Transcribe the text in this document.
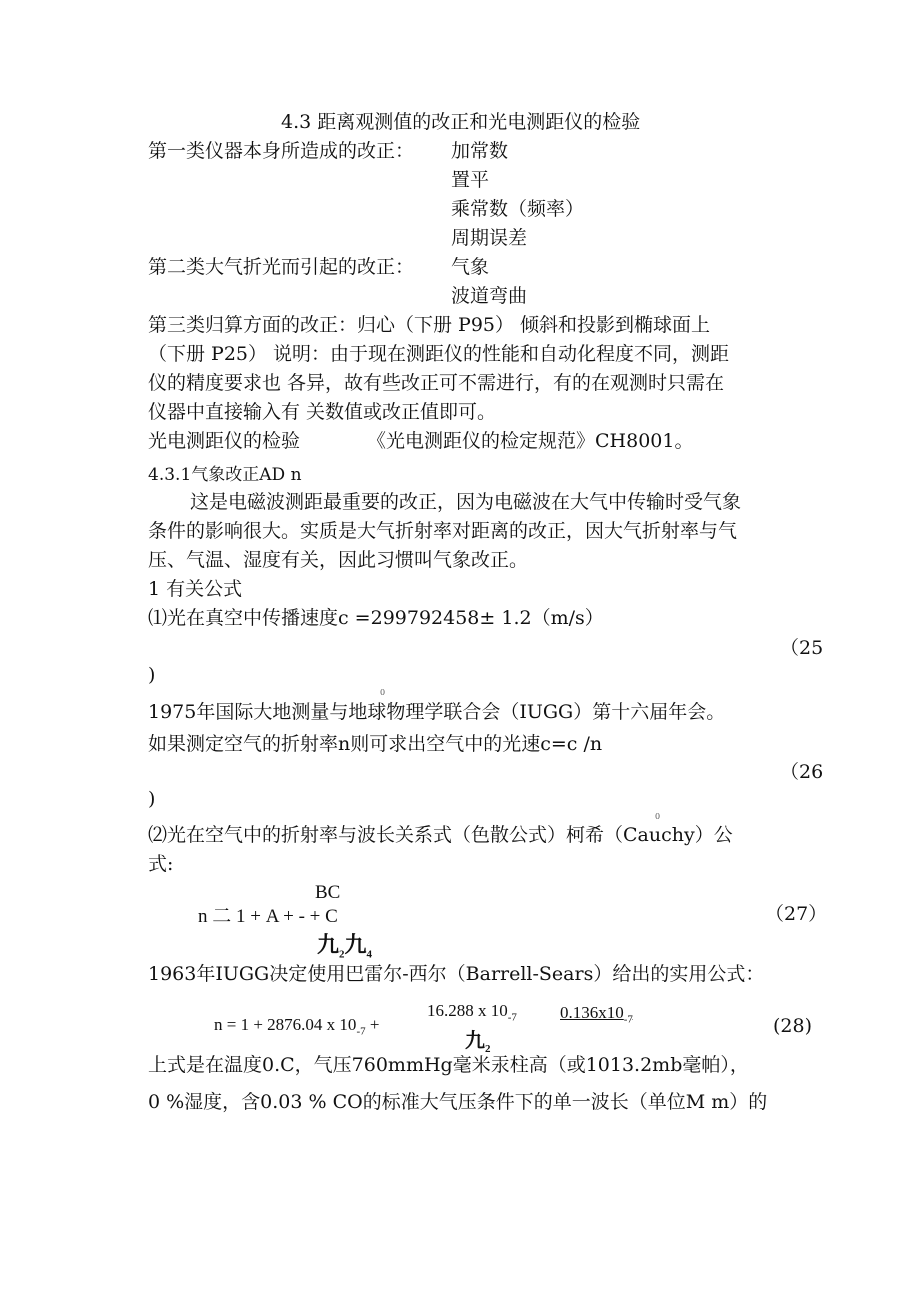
4.3 距离观测值的改正和光电测距仪的检验
第一类仪器本身所造成的改正： 加常数
置平
乘常数（频率）
周期误差
第二类大气折光而引起的改正： 气象
波道弯曲
第三类归算方面的改正：归心（下册 P95） 倾斜和投影到椭球面上
（下册 P25） 说明：由于现在测距仪的性能和自动化程度不同，测距
仪的精度要求也 各异，故有些改正可不需进行，有的在观测时只需在
仪器中直接输入有 关数值或改正值即可。
光电测距仪的检验	《光电测距仪的检定规范》CH8001。
4.3.1气象改正AD n
这是电磁波测距最重要的改正，因为电磁波在大气中传输时受气象
条件的影响很大。实质是大气折射率对距离的改正，因大气折射率与气
压、气温、湿度有关，因此习惯叫气象改正。
1 有关公式
⑴光在真空中传播速度c =299792458± 1.2（m/s）
（25
)
0
1975年国际大地测量与地球物理学联合会（IUGG）第十六届年会。
如果测定空气的折射率n则可求出空气中的光速c=c /n
（26
)
0
⑵光在空气中的折射率与波长关系式（色散公式）柯希（Cauchy）公
式:
BC
n 二 1 + A + - + C
九$_2$九$_4$
（27）
1963年IUGG决定使用巴雷尔-西尔（Barrell-Sears）给出的实用公式：
16.288 x $10_{-7}$	$0.136x10_{-7}$
n = 1 + 2876.04 x $10_{-7}$ +
九$_2$
(28)
上式是在温度0.C，气压760mmHg毫米汞柱高（或1013.2mb毫帕），
0 %湿度，含0.03 % CO的标准大气压条件下的单一波长（单位M m）的
